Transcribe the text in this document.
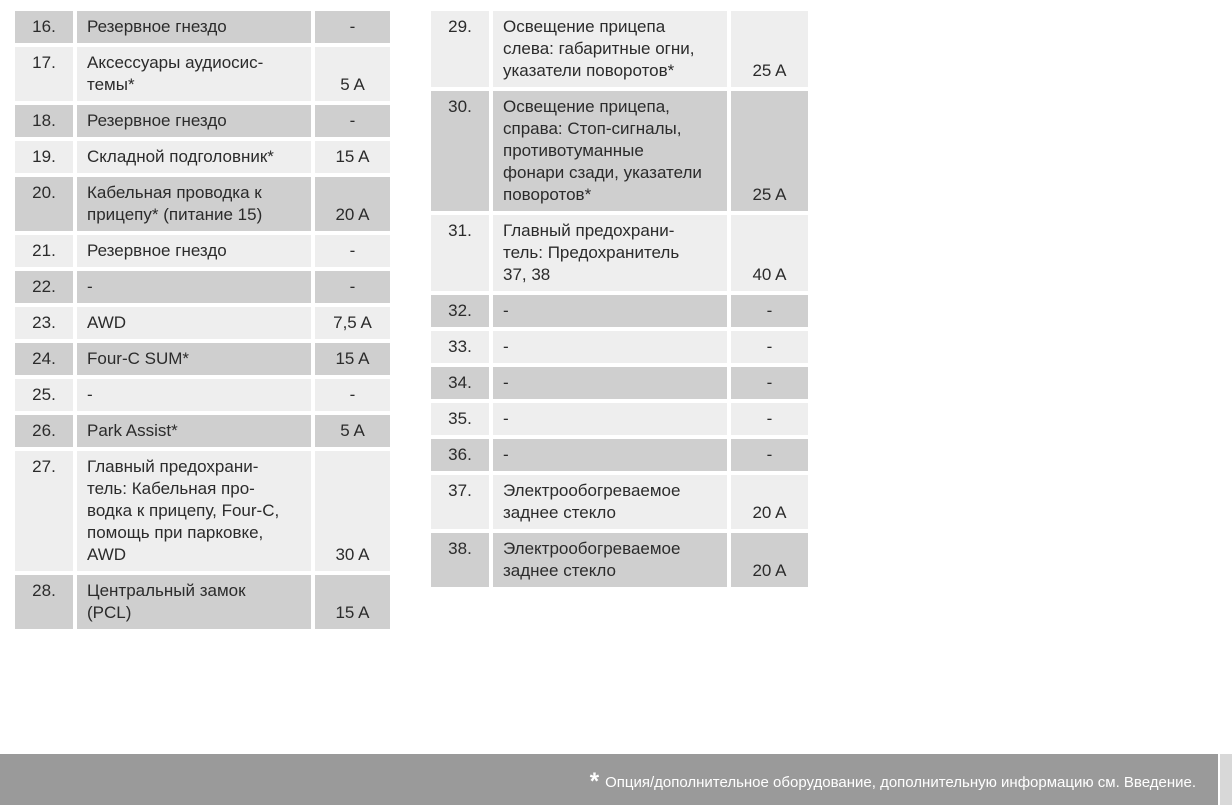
16.	Резервное гнездо	-
17.	Аксессуары аудиосис-
темы*	5 A
18.	Резервное гнездо	-
19.	Складной подголовник*	15 A
20.	Кабельная проводка к
прицепу* (питание 15)	20 A
21.	Резервное гнездо	-
22.	-	-
23.	AWD	7,5 A
24.	Four-C SUM*	15 A
25.	-	-
26.	Park Assist*	5 A
27.	Главный предохрани-
тель: Кабельная про-
водка к прицепу, Four-C,
помощь при парковке,
AWD	30 A
28.	Центральный замок
(PCL)	15 A
29.	Освещение прицепа
слева: габаритные огни,
указатели поворотов*	25 A
30.	Освещение прицепа,
справа: Стоп-сигналы,
противотуманные
фонари сзади, указатели
поворотов*	25 A
31.	Главный предохрани-
тель: Предохранитель
37, 38	40 A
32.	-	-
33.	-	-
34.	-	-
35.	-	-
36.	-	-
37.	Электрообогреваемое
заднее стекло	20 A
38.	Электрообогреваемое
заднее стекло	20 A
* Опция/дополнительное оборудование, дополнительную информацию см. Введение.
